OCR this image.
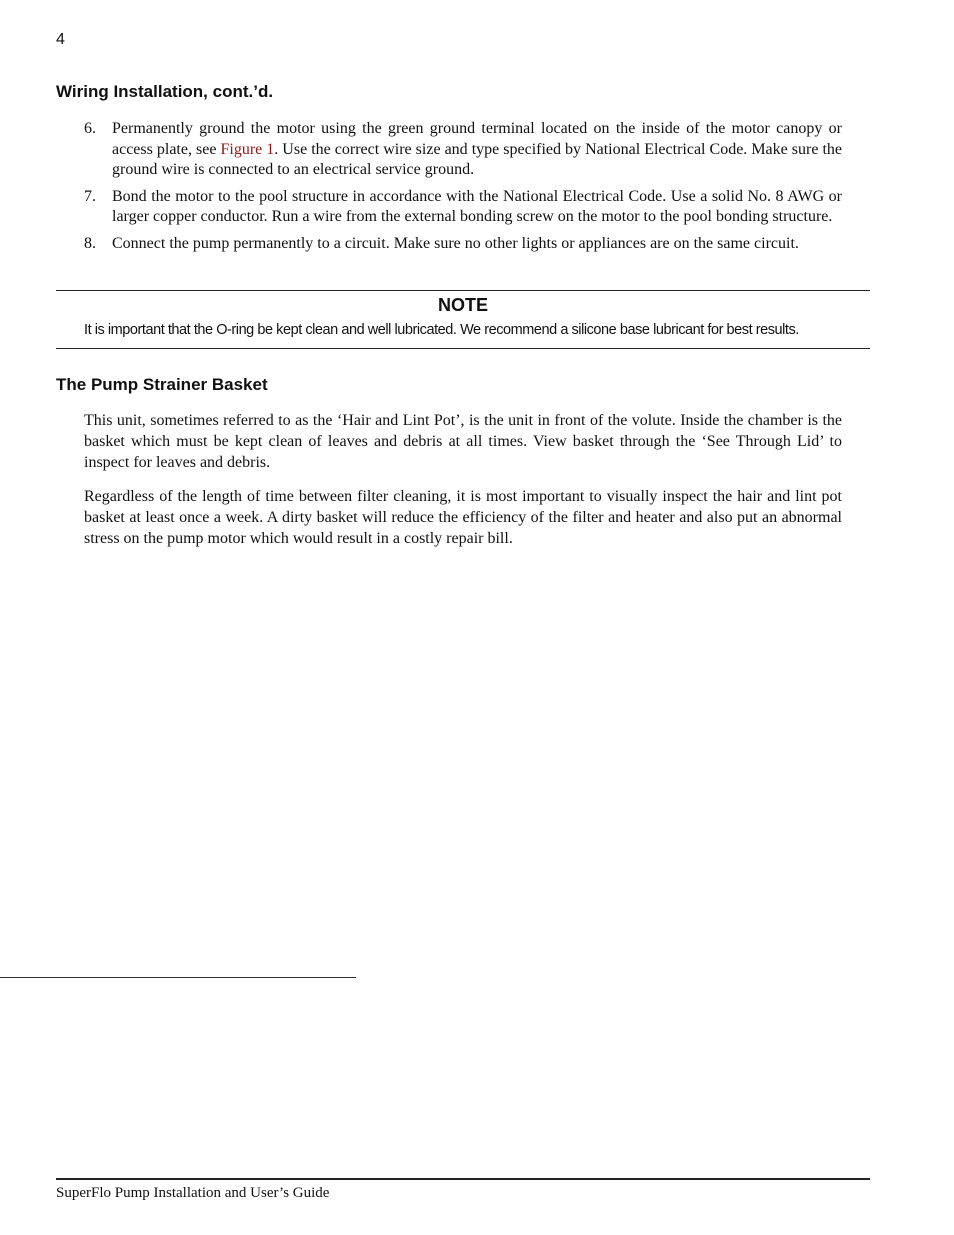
4
Wiring Installation, cont.’d.
6.	Permanently ground the motor using the green ground terminal located on the inside of the motor canopy or access plate, see Figure 1. Use the correct wire size and type specified by National Electrical Code. Make sure the ground wire is connected to an electrical service ground.
7.	Bond the motor to the pool structure in accordance with the National Electrical Code. Use a solid No. 8 AWG or larger copper conductor. Run a wire from the external bonding screw on the motor to the pool bonding structure.
8.	Connect the pump permanently to a circuit. Make sure no other lights or appliances are on the same circuit.
NOTE
It is important that the O-ring be kept clean and well lubricated. We recommend a silicone base lubricant for best results.
The Pump Strainer Basket

This unit, sometimes referred to as the ‘Hair and Lint Pot’, is the unit in front of the volute. Inside the chamber is the basket which must be kept clean of leaves and debris at all times. View basket through the ‘See Through Lid’ to inspect for leaves and debris.

Regardless of the length of time between filter cleaning, it is most important to visually inspect the hair and lint pot basket at least once a week. A dirty basket will reduce the efficiency of the filter and heater and also put an abnormal stress on the pump motor which would result in a costly repair bill.

SuperFlo Pump Installation and User’s Guide
